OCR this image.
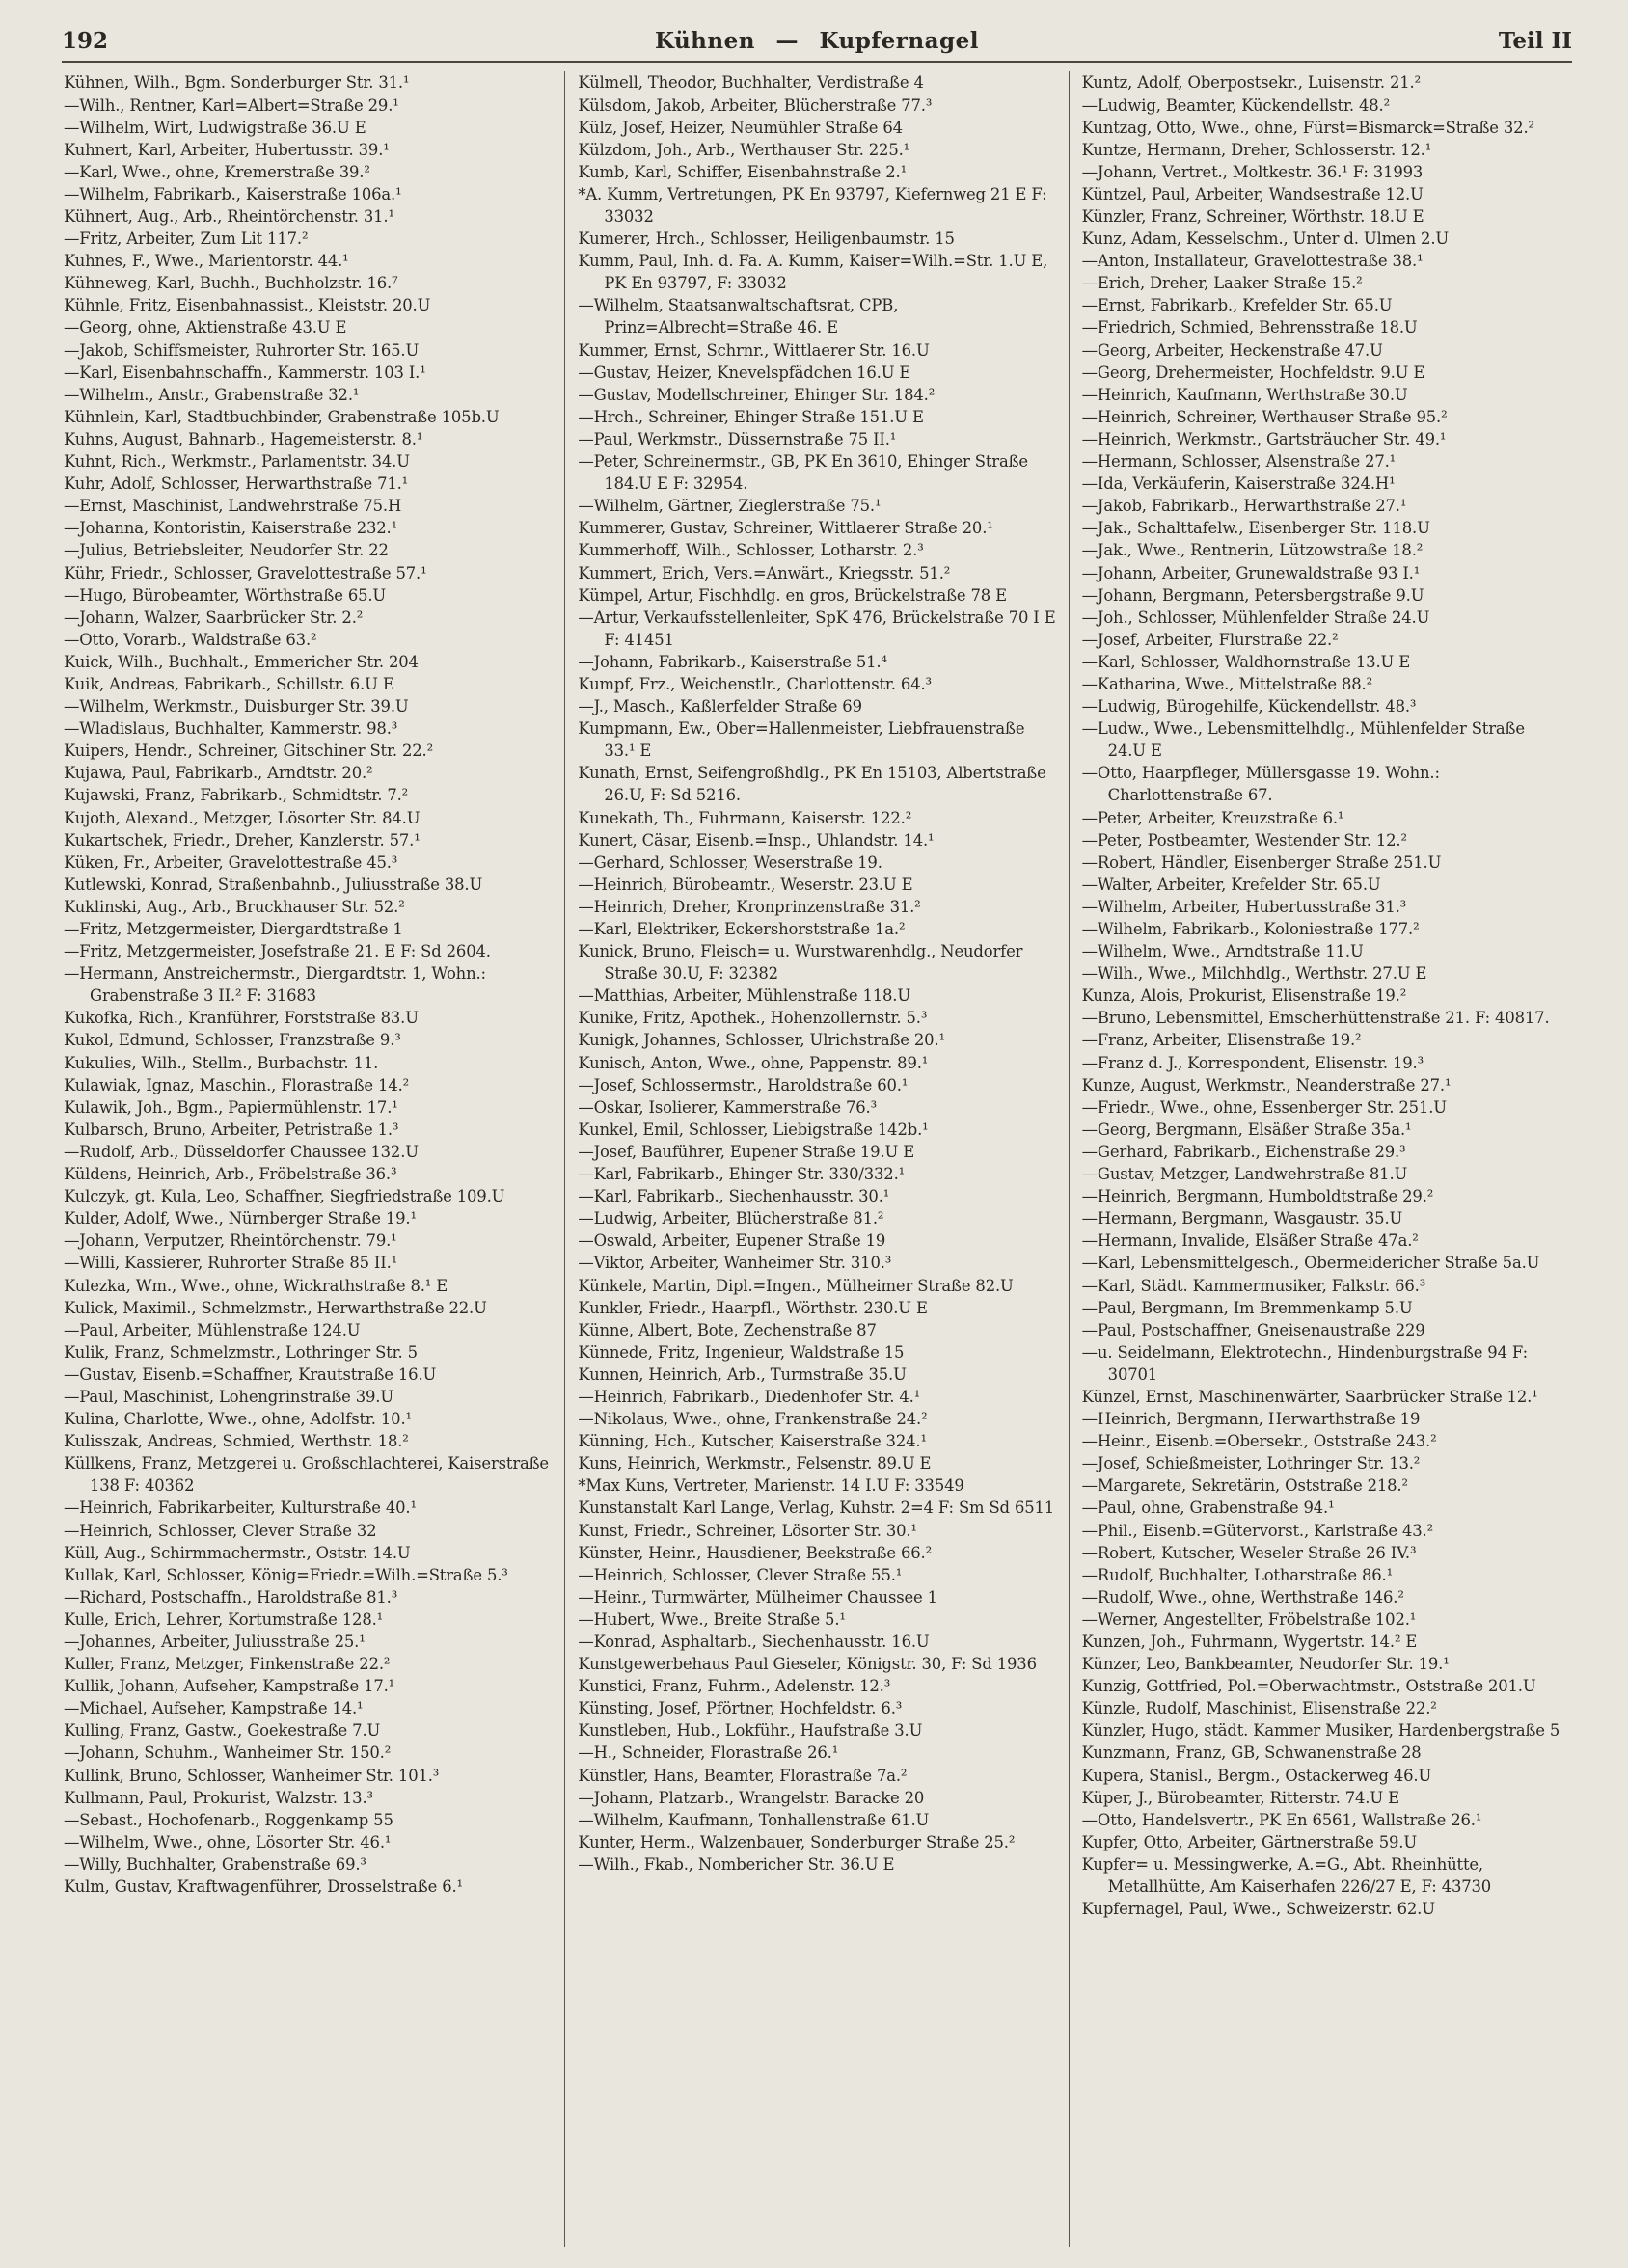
192	Kühnen — Kupfernagel	Teil II

Kühnen, Wilh., Bgm. Sonderburger Str. 31.¹

—Wilh., Rentner, Karl=Albert=Straße 29.¹

—Wilhelm, Wirt, Ludwigstraße 36.U E

Kuhnert, Karl, Arbeiter, Hubertusstr. 39.¹

—Karl, Wwe., ohne, Kremerstraße 39.²

—Wilhelm, Fabrikarb., Kaiserstraße 106a.¹

Kühnert, Aug., Arb., Rheintörchenstr. 31.¹

—Fritz, Arbeiter, Zum Lit 117.²

Kuhnes, F., Wwe., Marientorstr. 44.¹

Kühneweg, Karl, Buchh., Buchholzstr. 16.⁷

Kühnle, Fritz, Eisenbahnassist., Kleiststr. 20.U

—Georg, ohne, Aktienstraße 43.U E

—Jakob, Schiffsmeister, Ruhrorter Str. 165.U

—Karl, Eisenbahnschaffn., Kammerstr. 103 I.¹

—Wilhelm., Anstr., Grabenstraße 32.¹

Kühnlein, Karl, Stadtbuchbinder, Grabenstraße 105b.U

Kuhns, August, Bahnarb., Hagemeisterstr. 8.¹

Kuhnt, Rich., Werkmstr., Parlamentstr. 34.U

Kuhr, Adolf, Schlosser, Herwarthstraße 71.¹

—Ernst, Maschinist, Landwehrstraße 75.H

—Johanna, Kontoristin, Kaiserstraße 232.¹

—Julius, Betriebsleiter, Neudorfer Str. 22

Kühr, Friedr., Schlosser, Gravelottestraße 57.¹

—Hugo, Bürobeamter, Wörthstraße 65.U

—Johann, Walzer, Saarbrücker Str. 2.²

—Otto, Vorarb., Waldstraße 63.²

Kuick, Wilh., Buchhalt., Emmericher Str. 204

Kuik, Andreas, Fabrikarb., Schillstr. 6.U E

—Wilhelm, Werkmstr., Duisburger Str. 39.U

—Wladislaus, Buchhalter, Kammerstr. 98.³

Kuipers, Hendr., Schreiner, Gitschiner Str. 22.²

Kujawa, Paul, Fabrikarb., Arndtstr. 20.²

Kujawski, Franz, Fabrikarb., Schmidtstr. 7.²

Kujoth, Alexand., Metzger, Lösorter Str. 84.U

Kukartschek, Friedr., Dreher, Kanzlerstr. 57.¹

Küken, Fr., Arbeiter, Gravelottestraße 45.³

Kutlewski, Konrad, Straßenbahnb., Juliusstraße 38.U

Kuklinski, Aug., Arb., Bruckhauser Str. 52.²

—Fritz, Metzgermeister, Diergardtstraße 1

—Fritz, Metzgermeister, Josefstraße 21. E F: Sd 2604.

—Hermann, Anstreichermstr., Diergardtstr. 1, Wohn.: Grabenstraße 3 II.² F: 31683

Kukofka, Rich., Kranführer, Forststraße 83.U

Kukol, Edmund, Schlosser, Franzstraße 9.³

Kukulies, Wilh., Stellm., Burbachstr. 11.

Kulawiak, Ignaz, Maschin., Florastraße 14.²

Kulawik, Joh., Bgm., Papiermühlenstr. 17.¹

Kulbarsch, Bruno, Arbeiter, Petristraße 1.³

—Rudolf, Arb., Düsseldorfer Chaussee 132.U

Küldens, Heinrich, Arb., Fröbelstraße 36.³

Kulczyk, gt. Kula, Leo, Schaffner, Siegfriedstraße 109.U

Kulder, Adolf, Wwe., Nürnberger Straße 19.¹

—Johann, Verputzer, Rheintörchenstr. 79.¹

—Willi, Kassierer, Ruhrorter Straße 85 II.¹

Kulezka, Wm., Wwe., ohne, Wickrathstraße 8.¹ E

Kulick, Maximil., Schmelzmstr., Herwarthstraße 22.U

—Paul, Arbeiter, Mühlenstraße 124.U

Kulik, Franz, Schmelzmstr., Lothringer Str. 5

—Gustav, Eisenb.=Schaffner, Krautstraße 16.U

—Paul, Maschinist, Lohengrinstraße 39.U

Kulina, Charlotte, Wwe., ohne, Adolfstr. 10.¹

Kulisszak, Andreas, Schmied, Werthstr. 18.²

Küllkens, Franz, Metzgerei u. Großschlachterei, Kaiserstraße 138 F: 40362

—Heinrich, Fabrikarbeiter, Kulturstraße 40.¹

—Heinrich, Schlosser, Clever Straße 32

Küll, Aug., Schirmmachermstr., Oststr. 14.U

Kullak, Karl, Schlosser, König=Friedr.=Wilh.=Straße 5.³

—Richard, Postschaffn., Haroldstraße 81.³

Kulle, Erich, Lehrer, Kortumstraße 128.¹

—Johannes, Arbeiter, Juliusstraße 25.¹

Kuller, Franz, Metzger, Finkenstraße 22.²

Kullik, Johann, Aufseher, Kampstraße 17.¹

—Michael, Aufseher, Kampstraße 14.¹

Kulling, Franz, Gastw., Goekestraße 7.U

—Johann, Schuhm., Wanheimer Str. 150.²

Kullink, Bruno, Schlosser, Wanheimer Str. 101.³

Kullmann, Paul, Prokurist, Walzstr. 13.³

—Sebast., Hochofenarb., Roggenkamp 55

—Wilhelm, Wwe., ohne, Lösorter Str. 46.¹

—Willy, Buchhalter, Grabenstraße 69.³

Kulm, Gustav, Kraftwagenführer, Drosselstraße 6.¹

Külmell, Theodor, Buchhalter, Verdistraße 4

Külsdom, Jakob, Arbeiter, Blücherstraße 77.³

Külz, Josef, Heizer, Neumühler Straße 64

Külzdom, Joh., Arb., Werthauser Str. 225.¹

Kumb, Karl, Schiffer, Eisenbahnstraße 2.¹

*A. Kumm, Vertretungen, PK En 93797, Kiefernweg 21 E F: 33032

Kumerer, Hrch., Schlosser, Heiligenbaumstr. 15

Kumm, Paul, Inh. d. Fa. A. Kumm, Kaiser=Wilh.=Str. 1.U E, PK En 93797, F: 33032

—Wilhelm, Staatsanwaltschaftsrat, CPB, Prinz=Albrecht=Straße 46. E

Kummer, Ernst, Schrnr., Wittlaerer Str. 16.U

—Gustav, Heizer, Knevelspfädchen 16.U E

—Gustav, Modellschreiner, Ehinger Str. 184.²

—Hrch., Schreiner, Ehinger Straße 151.U E

—Paul, Werkmstr., Düssernstraße 75 II.¹

—Peter, Schreinermstr., GB, PK En 3610, Ehinger Straße 184.U E F: 32954.

—Wilhelm, Gärtner, Zieglerstraße 75.¹

Kummerer, Gustav, Schreiner, Wittlaerer Straße 20.¹

Kummerhoff, Wilh., Schlosser, Lotharstr. 2.³

Kummert, Erich, Vers.=Anwärt., Kriegsstr. 51.²

Kümpel, Artur, Fischhdlg. en gros, Brückelstraße 78 E

—Artur, Verkaufsstellenleiter, SpK 476, Brückelstraße 70 I E F: 41451

—Johann, Fabrikarb., Kaiserstraße 51.⁴

Kumpf, Frz., Weichenstlr., Charlottenstr. 64.³

—J., Masch., Kaßlerfelder Straße 69

Kumpmann, Ew., Ober=Hallenmeister, Liebfrauenstraße 33.¹ E

Kunath, Ernst, Seifengroßhdlg., PK En 15103, Albertstraße 26.U, F: Sd 5216.

Kunekath, Th., Fuhrmann, Kaiserstr. 122.²

Kunert, Cäsar, Eisenb.=Insp., Uhlandstr. 14.¹

—Gerhard, Schlosser, Weserstraße 19.

—Heinrich, Bürobeamtr., Weserstr. 23.U E

—Heinrich, Dreher, Kronprinzenstraße 31.²

—Karl, Elektriker, Eckershorststraße 1a.²

Kunick, Bruno, Fleisch= u. Wurstwarenhdlg., Neudorfer Straße 30.U, F: 32382

—Matthias, Arbeiter, Mühlenstraße 118.U

Kunike, Fritz, Apothek., Hohenzollernstr. 5.³

Kunigk, Johannes, Schlosser, Ulrichstraße 20.¹

Kunisch, Anton, Wwe., ohne, Pappenstr. 89.¹

—Josef, Schlossermstr., Haroldstraße 60.¹

—Oskar, Isolierer, Kammerstraße 76.³

Kunkel, Emil, Schlosser, Liebigstraße 142b.¹

—Josef, Bauführer, Eupener Straße 19.U E

—Karl, Fabrikarb., Ehinger Str. 330/332.¹

—Karl, Fabrikarb., Siechenhausstr. 30.¹

—Ludwig, Arbeiter, Blücherstraße 81.²

—Oswald, Arbeiter, Eupener Straße 19

—Viktor, Arbeiter, Wanheimer Str. 310.³

Künkele, Martin, Dipl.=Ingen., Mülheimer Straße 82.U

Kunkler, Friedr., Haarpfl., Wörthstr. 230.U E

Künne, Albert, Bote, Zechenstraße 87

Künnede, Fritz, Ingenieur, Waldstraße 15

Kunnen, Heinrich, Arb., Turmstraße 35.U

—Heinrich, Fabrikarb., Diedenhofer Str. 4.¹

—Nikolaus, Wwe., ohne, Frankenstraße 24.²

Künning, Hch., Kutscher, Kaiserstraße 324.¹

Kuns, Heinrich, Werkmstr., Felsenstr. 89.U E

*Max Kuns, Vertreter, Marienstr. 14 I.U F: 33549

Kunstanstalt Karl Lange, Verlag, Kuhstr. 2=4 F: Sm Sd 6511

Kunst, Friedr., Schreiner, Lösorter Str. 30.¹

Künster, Heinr., Hausdiener, Beekstraße 66.²

—Heinrich, Schlosser, Clever Straße 55.¹

—Heinr., Turmwärter, Mülheimer Chaussee 1

—Hubert, Wwe., Breite Straße 5.¹

—Konrad, Asphaltarb., Siechenhausstr. 16.U

Kunstgewerbehaus Paul Gieseler, Königstr. 30, F: Sd 1936

Kunstici, Franz, Fuhrm., Adelenstr. 12.³

Künsting, Josef, Pförtner, Hochfeldstr. 6.³

Kunstleben, Hub., Lokführ., Haufstraße 3.U

—H., Schneider, Florastraße 26.¹

Künstler, Hans, Beamter, Florastraße 7a.²

—Johann, Platzarb., Wrangelstr. Baracke 20

—Wilhelm, Kaufmann, Tonhallenstraße 61.U

Kunter, Herm., Walzenbauer, Sonderburger Straße 25.²

—Wilh., Fkab., Nombericher Str. 36.U E

Kuntz, Adolf, Oberpostsekr., Luisenstr. 21.²

—Ludwig, Beamter, Kückendellstr. 48.²

Kuntzag, Otto, Wwe., ohne, Fürst=Bismarck=Straße 32.²

Kuntze, Hermann, Dreher, Schlosserstr. 12.¹

—Johann, Vertret., Moltkestr. 36.¹ F: 31993

Küntzel, Paul, Arbeiter, Wandsestraße 12.U

Künzler, Franz, Schreiner, Wörthstr. 18.U E

Kunz, Adam, Kesselschm., Unter d. Ulmen 2.U

—Anton, Installateur, Gravelottestraße 38.¹

—Erich, Dreher, Laaker Straße 15.²

—Ernst, Fabrikarb., Krefelder Str. 65.U

—Friedrich, Schmied, Behrensstraße 18.U

—Georg, Arbeiter, Heckenstraße 47.U

—Georg, Drehermeister, Hochfeldstr. 9.U E

—Heinrich, Kaufmann, Werthstraße 30.U

—Heinrich, Schreiner, Werthauser Straße 95.²

—Heinrich, Werkmstr., Gartsträucher Str. 49.¹

—Hermann, Schlosser, Alsenstraße 27.¹

—Ida, Verkäuferin, Kaiserstraße 324.H¹

—Jakob, Fabrikarb., Herwarthstraße 27.¹

—Jak., Schalttafelw., Eisenberger Str. 118.U

—Jak., Wwe., Rentnerin, Lützowstraße 18.²

—Johann, Arbeiter, Grunewaldstraße 93 I.¹

—Johann, Bergmann, Petersbergstraße 9.U

—Joh., Schlosser, Mühlenfelder Straße 24.U

—Josef, Arbeiter, Flurstraße 22.²

—Karl, Schlosser, Waldhornstraße 13.U E

—Katharina, Wwe., Mittelstraße 88.²

—Ludwig, Bürogehilfe, Kückendellstr. 48.³

—Ludw., Wwe., Lebensmittelhdlg., Mühlenfelder Straße 24.U E

—Otto, Haarpfleger, Müllersgasse 19. Wohn.: Charlottenstraße 67.

—Peter, Arbeiter, Kreuzstraße 6.¹

—Peter, Postbeamter, Westender Str. 12.²

—Robert, Händler, Eisenberger Straße 251.U

—Walter, Arbeiter, Krefelder Str. 65.U

—Wilhelm, Arbeiter, Hubertusstraße 31.³

—Wilhelm, Fabrikarb., Koloniestraße 177.²

—Wilhelm, Wwe., Arndtstraße 11.U

—Wilh., Wwe., Milchhdlg., Werthstr. 27.U E

Kunza, Alois, Prokurist, Elisenstraße 19.²

—Bruno, Lebensmittel, Emscherhüttenstraße 21. F: 40817.

—Franz, Arbeiter, Elisenstraße 19.²

—Franz d. J., Korrespondent, Elisenstr. 19.³

Kunze, August, Werkmstr., Neanderstraße 27.¹

—Friedr., Wwe., ohne, Essenberger Str. 251.U

—Georg, Bergmann, Elsäßer Straße 35a.¹

—Gerhard, Fabrikarb., Eichenstraße 29.³

—Gustav, Metzger, Landwehrstraße 81.U

—Heinrich, Bergmann, Humboldtstraße 29.²

—Hermann, Bergmann, Wasgaustr. 35.U

—Hermann, Invalide, Elsäßer Straße 47a.²

—Karl, Lebensmittelgesch., Obermeidericher Straße 5a.U

—Karl, Städt. Kammermusiker, Falkstr. 66.³

—Paul, Bergmann, Im Bremmenkamp 5.U

—Paul, Postschaffner, Gneisenaustraße 229

—u. Seidelmann, Elektrotechn., Hindenburgstraße 94 F: 30701

Künzel, Ernst, Maschinenwärter, Saarbrücker Straße 12.¹

—Heinrich, Bergmann, Herwarthstraße 19

—Heinr., Eisenb.=Obersekr., Oststraße 243.²

—Josef, Schießmeister, Lothringer Str. 13.²

—Margarete, Sekretärin, Oststraße 218.²

—Paul, ohne, Grabenstraße 94.¹

—Phil., Eisenb.=Gütervorst., Karlstraße 43.²

—Robert, Kutscher, Weseler Straße 26 IV.³

—Rudolf, Buchhalter, Lotharstraße 86.¹

—Rudolf, Wwe., ohne, Werthstraße 146.²

—Werner, Angestellter, Fröbelstraße 102.¹

Kunzen, Joh., Fuhrmann, Wygertstr. 14.² E

Künzer, Leo, Bankbeamter, Neudorfer Str. 19.¹

Kunzig, Gottfried, Pol.=Oberwachtmstr., Oststraße 201.U

Künzle, Rudolf, Maschinist, Elisenstraße 22.²

Künzler, Hugo, städt. Kammer Musiker, Hardenbergstraße 5

Kunzmann, Franz, GB, Schwanenstraße 28

Kupera, Stanisl., Bergm., Ostackerweg 46.U

Küper, J., Bürobeamter, Ritterstr. 74.U E

—Otto, Handelsvertr., PK En 6561, Wallstraße 26.¹

Kupfer, Otto, Arbeiter, Gärtnerstraße 59.U

Kupfer= u. Messingwerke, A.=G., Abt. Rheinhütte, Metallhütte, Am Kaiserhafen 226/27 E, F: 43730

Kupfernagel, Paul, Wwe., Schweizerstr. 62.U
